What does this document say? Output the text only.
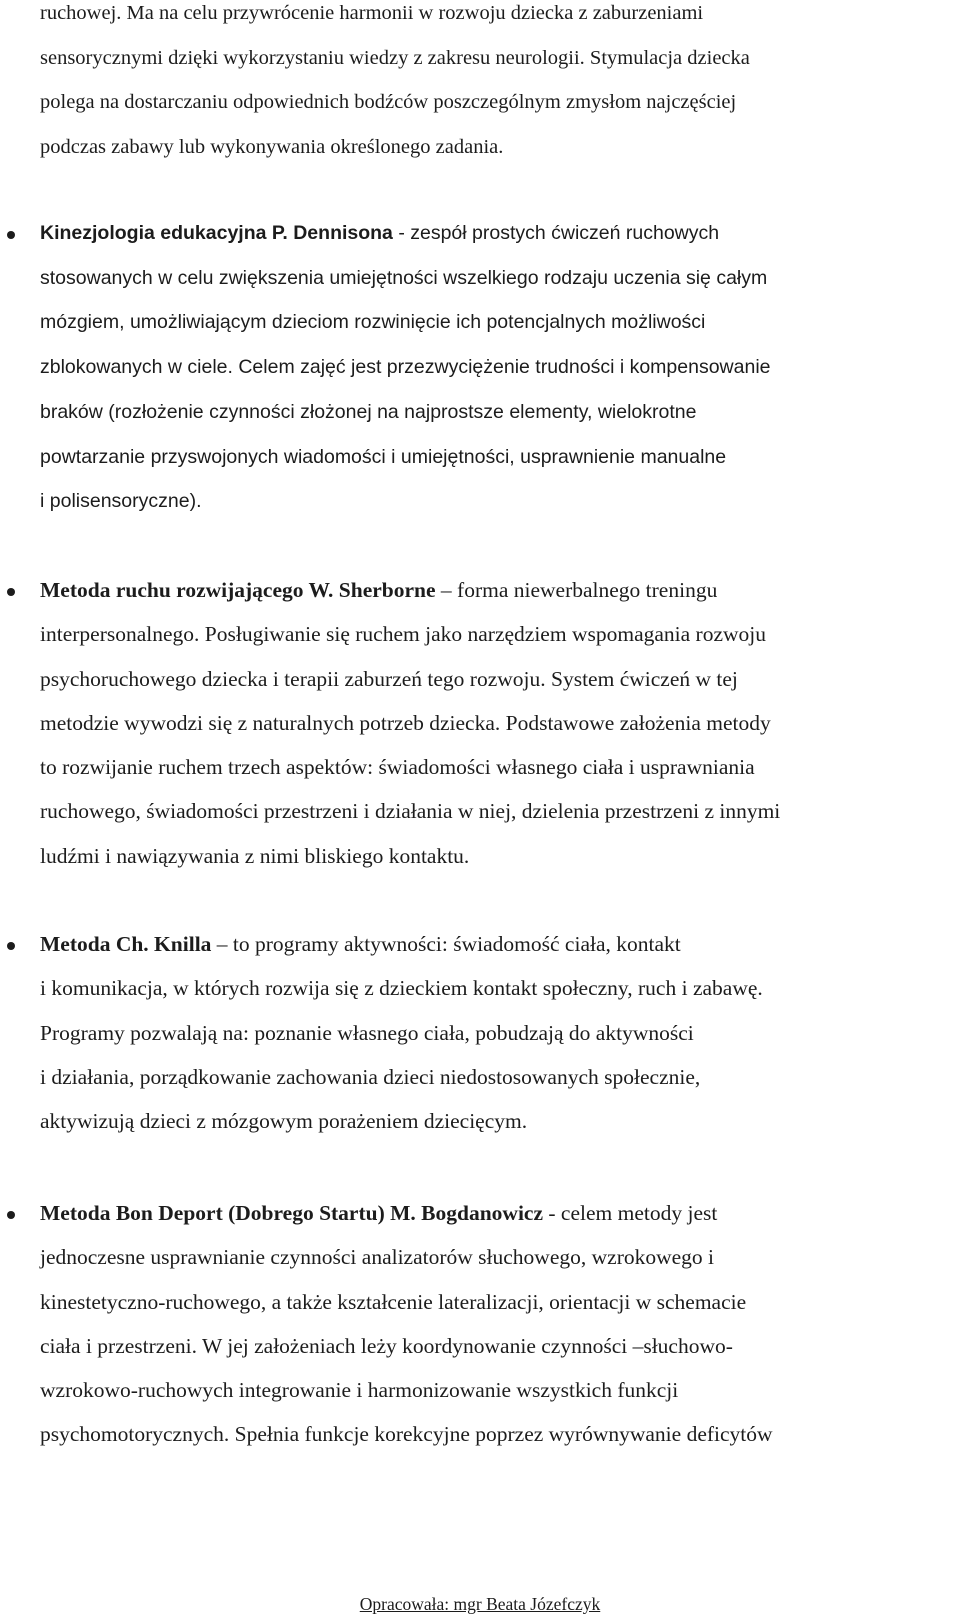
ruchowej. Ma na celu przywrócenie harmonii w rozwoju dziecka z zaburzeniami
sensorycznymi dzięki wykorzystaniu wiedzy z zakresu neurologii. Stymulacja dziecka
polega na dostarczaniu odpowiednich bodźców poszczególnym zmysłom najczęściej
podczas zabawy lub wykonywania określonego zadania.

Kinezjologia edukacyjna P. Dennisona - zespół prostych ćwiczeń ruchowych
stosowanych w celu zwiększenia umiejętności wszelkiego rodzaju uczenia się całym
mózgiem, umożliwiającym dzieciom rozwinięcie ich potencjalnych możliwości
zblokowanych w ciele. Celem zajęć jest przezwyciężenie trudności i kompensowanie
braków (rozłożenie czynności złożonej na najprostsze elementy, wielokrotne
powtarzanie przyswojonych wiadomości i umiejętności, usprawnienie manualne
i polisensoryczne).

Metoda ruchu rozwijającego W. Sherborne – forma niewerbalnego treningu
interpersonalnego. Posługiwanie się ruchem jako narzędziem wspomagania rozwoju
psychoruchowego dziecka i terapii zaburzeń tego rozwoju. System ćwiczeń w tej
metodzie wywodzi się z naturalnych potrzeb dziecka. Podstawowe założenia metody
to rozwijanie ruchem trzech aspektów: świadomości własnego ciała i usprawniania
ruchowego, świadomości przestrzeni i działania w niej, dzielenia przestrzeni z innymi
ludźmi i nawiązywania z nimi bliskiego kontaktu.

Metoda Ch. Knilla – to programy aktywności: świadomość ciała, kontakt
i komunikacja, w których rozwija się z dzieckiem kontakt społeczny, ruch i zabawę.
Programy pozwalają na: poznanie własnego ciała, pobudzają do aktywności
i działania, porządkowanie zachowania dzieci niedostosowanych społecznie,
aktywizują dzieci z mózgowym porażeniem dziecięcym.

Metoda Bon Deport (Dobrego Startu) M. Bogdanowicz - celem metody jest
jednoczesne usprawnianie czynności analizatorów słuchowego, wzrokowego i
kinestetyczno-ruchowego, a także kształcenie lateralizacji, orientacji w schemacie
ciała i przestrzeni. W jej założeniach leży koordynowanie czynności –słuchowo-
wzrokowo-ruchowych integrowanie i harmonizowanie wszystkich funkcji
psychomotorycznych. Spełnia funkcje korekcyjne poprzez wyrównywanie deficytów

Opracowała: mgr Beata Józefczyk
